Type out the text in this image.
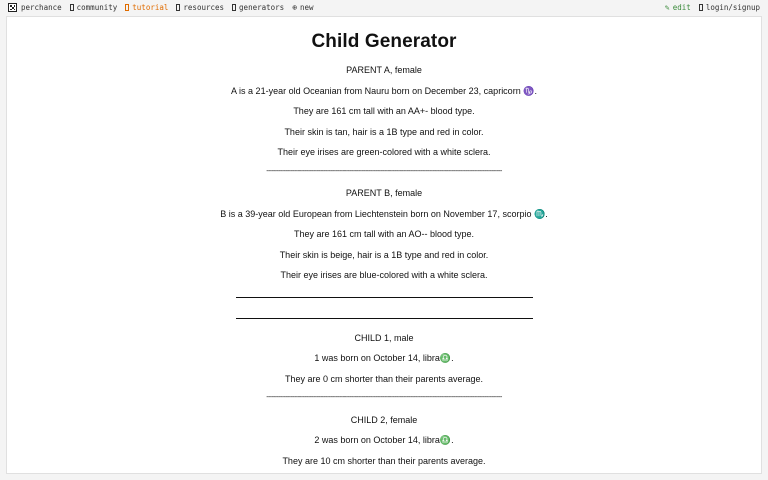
perchance community tutorial resources generators ⊕ new	✎ edit login/signup
Child Generator
PARENT A, female
A is a 21-year old Oceanian from Nauru born on December 23, capricorn ♑.
They are 161 cm tall with an AA+- blood type.
Their skin is tan, hair is a 1B type and red in color.
Their eye irises are green-colored with a white sclera.
----------------------------------------------------------------------------------------------------------------------------------------
PARENT B, female
B is a 39-year old European from Liechtenstein born on November 17, scorpio ♏.
They are 161 cm tall with an AO-- blood type.
Their skin is beige, hair is a 1B type and red in color.
Their eye irises are blue-colored with a white sclera.
CHILD 1, male
1 was born on October 14, libra♎.
They are 0 cm shorter than their parents average.
----------------------------------------------------------------------------------------------------------------------------------------
CHILD 2, female
2 was born on October 14, libra♎.
They are 10 cm shorter than their parents average.
